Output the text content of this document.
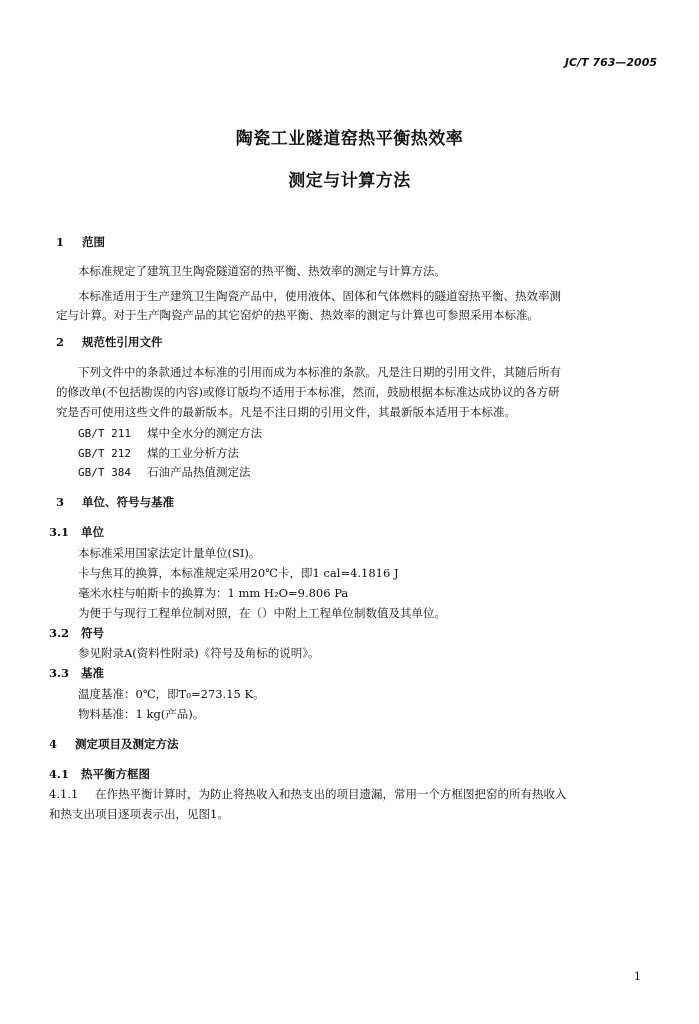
JC/T 763—2005
陶瓷工业隧道窑热平衡热效率
测定与计算方法
1 范围
本标准规定了建筑卫生陶瓷隧道窑的热平衡、热效率的测定与计算方法。
本标准适用于生产建筑卫生陶瓷产品中，使用液体、固体和气体燃料的隧道窑热平衡、热效率测
定与计算。对于生产陶瓷产品的其它窑炉的热平衡、热效率的测定与计算也可参照采用本标准。
2 规范性引用文件
下列文件中的条款通过本标准的引用而成为本标准的条款。凡是注日期的引用文件，其随后所有
的修改单(不包括勘误的内容)或修订版均不适用于本标准，然而，鼓励根据本标准达成协议的各方研
究是否可使用这些文件的最新版本。凡是不注日期的引用文件，其最新版本适用于本标准。
GB/T 211 煤中全水分的测定方法
GB/T 212 煤的工业分析方法
GB/T 384 石油产品热值测定法
3 单位、符号与基准
3.1 单位
本标准采用国家法定计量单位(SI)。
卡与焦耳的换算，本标准规定采用20℃卡，即1 cal=4.1816 J
毫米水柱与帕斯卡的换算为：1 mm H₂O=9.806 Pa
为便于与现行工程单位制对照，在（）中附上工程单位制数值及其单位。
3.2 符号
参见附录A(资料性附录)《符号及角标的说明》。
3.3 基准
温度基准：0℃，即T₀=273.15 K。
物料基准：1 kg(产品)。
4 测定项目及测定方法
4.1 热平衡方框图
4.1.1 在作热平衡计算时，为防止将热收入和热支出的项目遗漏，常用一个方框图把窑的所有热收入
和热支出项目逐项表示出，见图1。
1
